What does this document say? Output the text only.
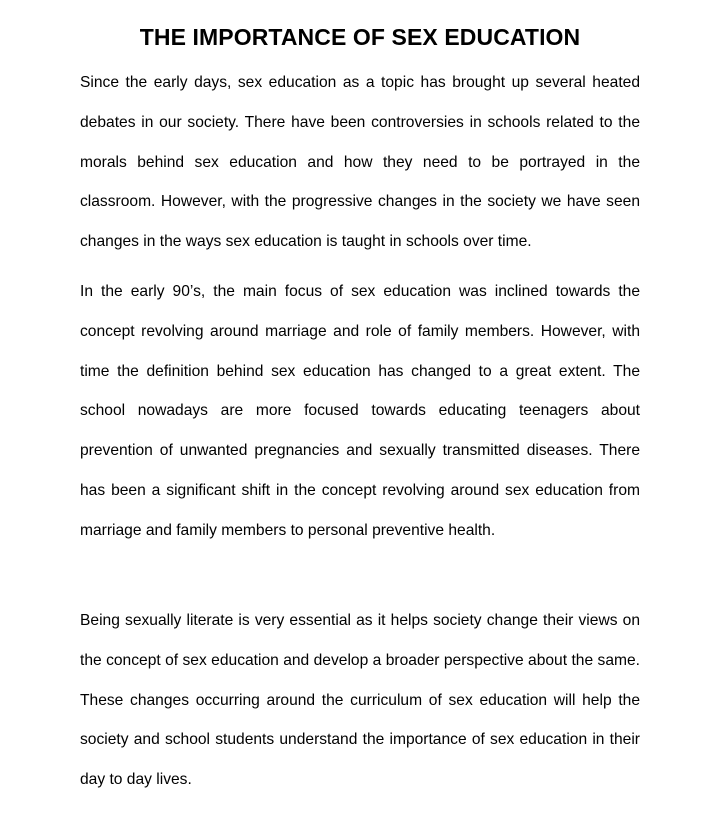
THE IMPORTANCE OF SEX EDUCATION

Since the early days, sex education as a topic has brought up several heated debates in our society. There have been controversies in schools related to the morals behind sex education and how they need to be portrayed in the classroom. However, with the progressive changes in the society we have seen changes in the ways sex education is taught in schools over time.

In the early 90’s, the main focus of sex education was inclined towards the concept revolving around marriage and role of family members. However, with time the definition behind sex education has changed to a great extent. The school nowadays are more focused towards educating teenagers about prevention of unwanted pregnancies and sexually transmitted diseases. There has been a significant shift in the concept revolving around sex education from marriage and family members to personal preventive health.

Being sexually literate is very essential as it helps society change their views on the concept of sex education and develop a broader perspective about the same. These changes occurring around the curriculum of sex education will help the society and school students understand the importance of sex education in their day to day lives.
